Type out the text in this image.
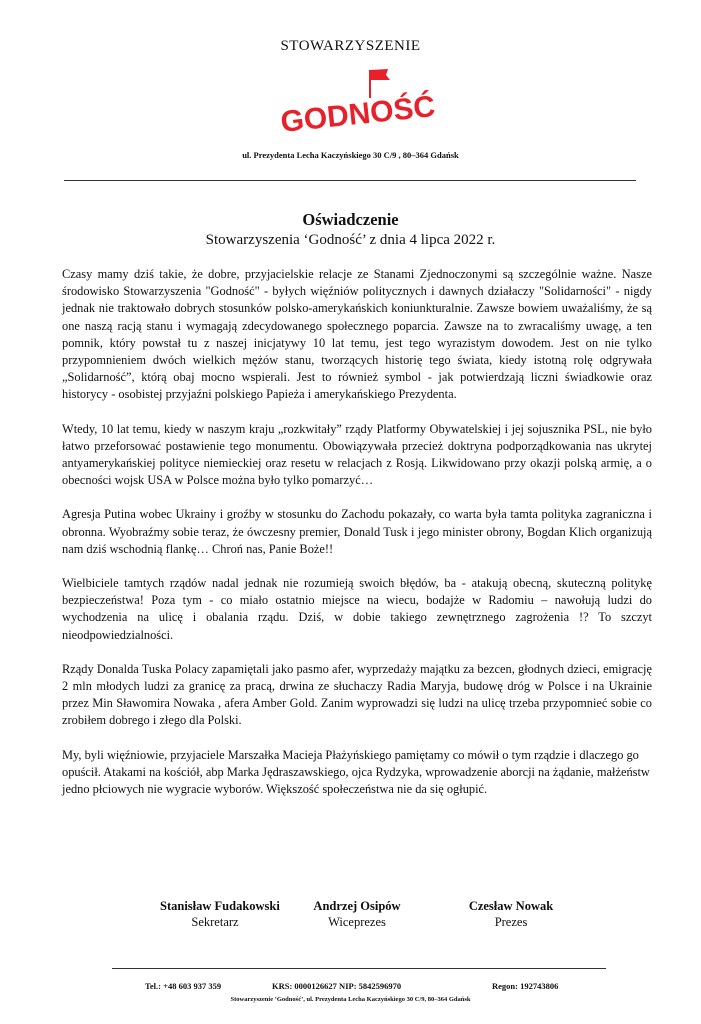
STOWARZYSZENIE
GODNOŚĆ
ul. Prezydenta Lecha Kaczyńskiego 30 C/9 , 80–364 Gdańsk
Oświadczenie
Stowarzyszenia ‘Godność’ z dnia 4 lipca 2022 r.

Czasy mamy dziś takie, że dobre, przyjacielskie relacje ze Stanami Zjednoczonymi są szczególnie ważne. Nasze środowisko Stowarzyszenia "Godność" - byłych więźniów politycznych i dawnych działaczy "Solidarności" - nigdy jednak nie traktowało dobrych stosunków polsko-amerykańskich koniunkturalnie. Zawsze bowiem uważaliśmy, że są one naszą racją stanu i wymagają zdecydowanego społecznego poparcia. Zawsze na to zwracaliśmy uwagę, a ten pomnik, który powstał tu z naszej inicjatywy 10 lat temu, jest tego wyrazistym dowodem. Jest on nie tylko przypomnieniem dwóch wielkich mężów stanu, tworzących historię tego świata, kiedy istotną rolę odgrywała „Solidarność”, którą obaj mocno wspierali. Jest to również symbol - jak potwierdzają liczni świadkowie oraz historycy - osobistej przyjaźni polskiego Papieża i amerykańskiego Prezydenta.

Wtedy, 10 lat temu, kiedy w naszym kraju „rozkwitały” rządy Platformy Obywatelskiej i jej sojusznika PSL, nie było łatwo przeforsować postawienie tego monumentu. Obowiązywała przecież doktryna podporządkowania nas ukrytej antyamerykańskiej polityce niemieckiej oraz resetu w relacjach z Rosją. Likwidowano przy okazji polską armię, a o obecności wojsk USA w Polsce można było tylko pomarzyć…

Agresja Putina wobec Ukrainy i groźby w stosunku do Zachodu pokazały, co warta była tamta polityka zagraniczna i obronna. Wyobraźmy sobie teraz, że ówczesny premier, Donald Tusk i jego minister obrony, Bogdan Klich organizują nam dziś wschodnią flankę… Chroń nas, Panie Boże!!

Wielbiciele tamtych rządów nadal jednak nie rozumieją swoich błędów, ba - atakują obecną, skuteczną politykę bezpieczeństwa! Poza tym - co miało ostatnio miejsce na wiecu, bodajże w Radomiu – nawołują ludzi do wychodzenia na ulicę i obalania rządu. Dziś, w dobie takiego zewnętrznego zagrożenia !? To szczyt nieodpowiedzialności.

Rządy Donalda Tuska Polacy zapamiętali jako pasmo afer, wyprzedaży majątku za bezcen, głodnych dzieci, emigrację 2 mln młodych ludzi za granicę za pracą, drwina ze słuchaczy Radia Maryja, budowę dróg w Polsce i na Ukrainie przez Min Sławomira Nowaka , afera Amber Gold. Zanim wyprowadzi się ludzi na ulicę trzeba przypomnieć sobie co zrobiłem dobrego i złego dla Polski.

My, byli więźniowie, przyjaciele Marszałka Macieja Płażyńskiego pamiętamy co mówił o tym rządzie i dlaczego go opuścił. Atakami na kościół, abp Marka Jędraszawskiego, ojca Rydzyka, wprowadzenie aborcji na żądanie, małżeństw jedno płciowych nie wygracie wyborów. Większość społeczeństwa nie da się ogłupić.

Stanisław Fudakowski
Sekretarz
Andrzej Osipów
Wiceprezes
Czesław Nowak
Prezes
Tel.: +48 603 937 359	KRS: 0000126627 NIP: 5842596970	Regon: 192743806
Stowarzyszenie ‘Godność’, ul. Prezydenta Lecha Kaczyńskiego 30 C/9, 80–364 Gdańsk
